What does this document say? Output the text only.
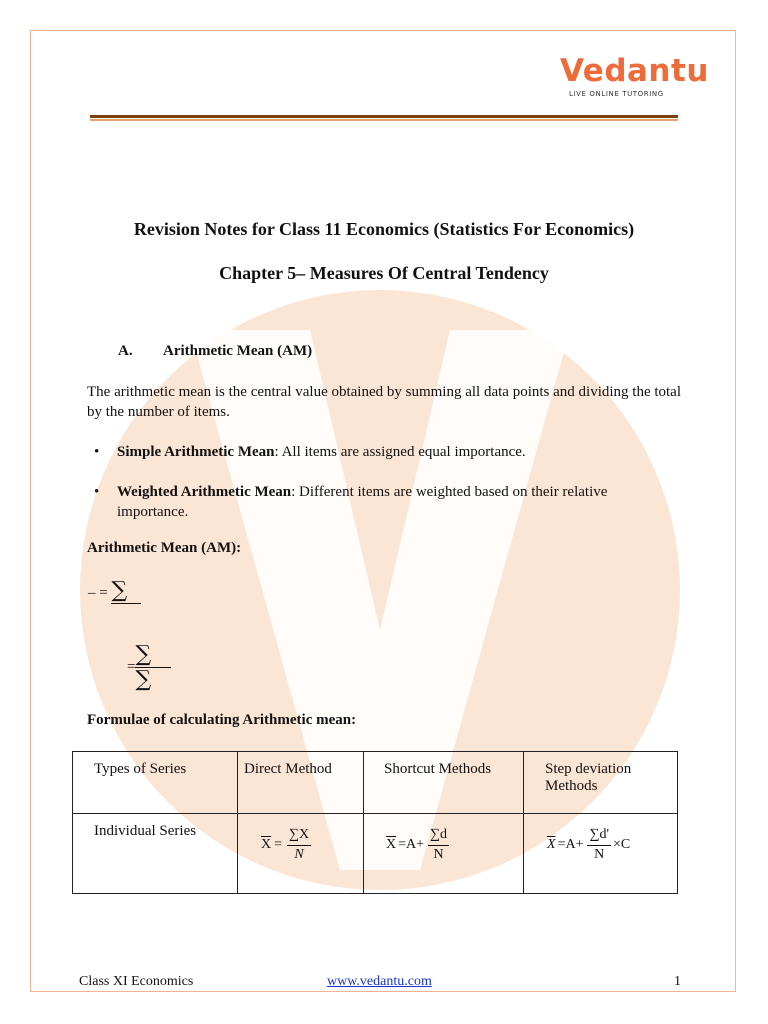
Vedantu
LIVE ONLINE TUTORING
Revision Notes for Class 11 Economics (Statistics For Economics)
Chapter 5– Measures Of Central Tendency
A. Arithmetic Mean (AM)
The arithmetic mean is the central value obtained by summing all data points and dividing the total by the number of items.
• Simple Arithmetic Mean: All items are assigned equal importance.
• Weighted Arithmetic Mean: Different items are weighted based on their relative importance.
Arithmetic Mean (AM):
– = ∑
= ∑
∑
Formulae of calculating Arithmetic mean:
Types of Series	Direct Method	Shortcut Methods	Step deviation Methods
Individual Series	$\overline{X} = \frac{\sum X}{N}$	$\overline{X} =A+ \frac{\sum d}{N}$	$\overline{X} =A+ \frac{\sum d'}{N} \times C$
Class XI Economics	www.vedantu.com	1
